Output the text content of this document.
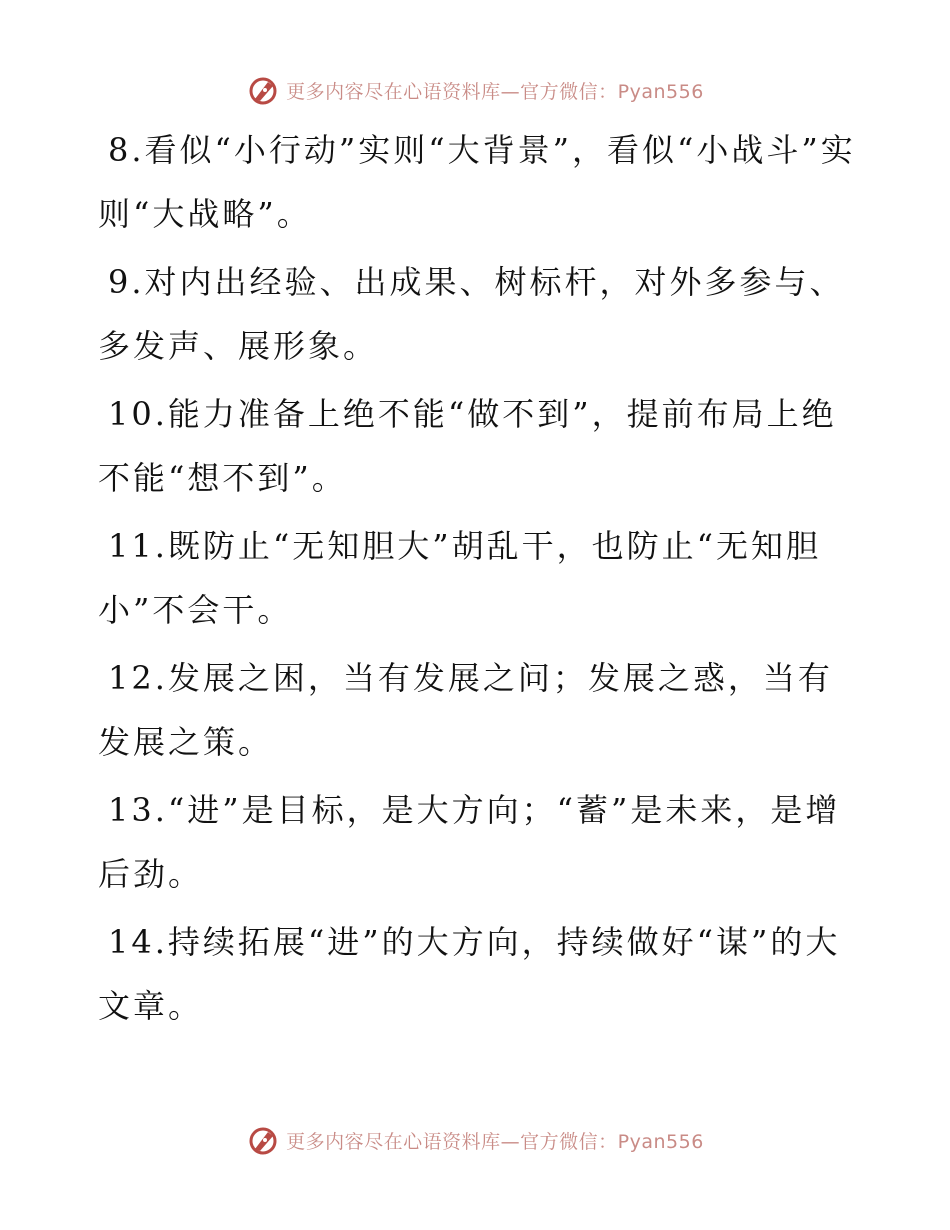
更多内容尽在心语资料库—官方微信：Pyan556

8.看似“小行动”实则“大背景”，看似“小战斗”实则“大战略”。

9.对内出经验、出成果、树标杆，对外多参与、多发声、展形象。

10.能力准备上绝不能“做不到”，提前布局上绝不能“想不到”。

11.既防止“无知胆大”胡乱干，也防止“无知胆小”不会干。

12.发展之困，当有发展之问；发展之惑，当有发展之策。

13.“进”是目标，是大方向；“蓄”是未来，是增后劲。

14.持续拓展“进”的大方向，持续做好“谋”的大文章。

更多内容尽在心语资料库—官方微信：Pyan556
